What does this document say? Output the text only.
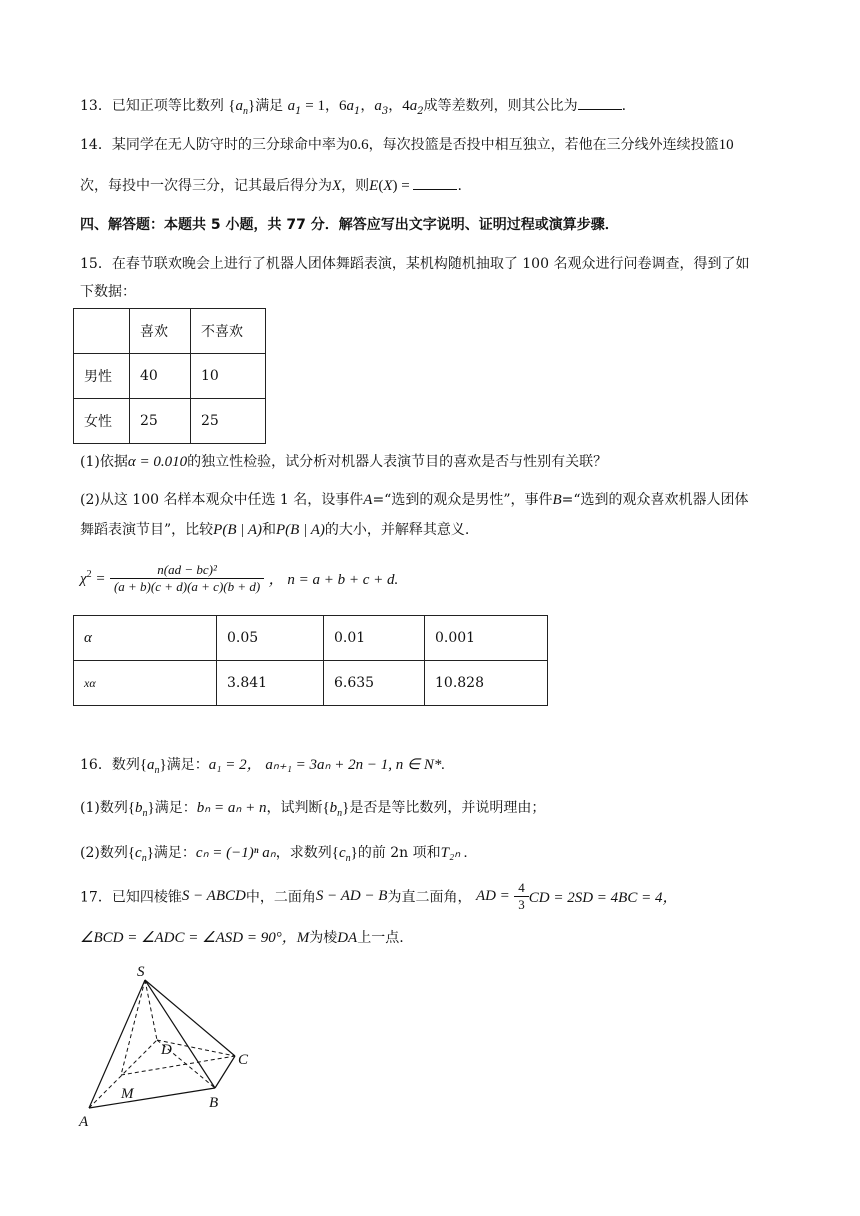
13．已知正项等比数列 $\{a_n\}$满足 $a_1 = 1$，$6a_1$，$a_3$，$4a_2$成等差数列，则其公比为	.
14．某同学在无人防守时的三分球命中率为0.6，每次投篮是否投中相互独立，若他在三分线外连续投篮10
次，每投中一次得三分，记其最后得分为X，则E(X) =	.
四、解答题：本题共 5 小题，共 77 分．解答应写出文字说明、证明过程或演算步骤．
15．在春节联欢晚会上进行了机器人团体舞蹈表演，某机构随机抽取了 100 名观众进行问卷调查，得到了如
下数据：
	喜欢	不喜欢
男性	40	10
女性	25	25
(1)依据α = 0.010的独立性检验，试分析对机器人表演节目的喜欢是否与性别有关联？
(2)从这 100 名样本观众中任选 1 名，设事件A=“选到的观众是男性”，事件B=“选到的观众喜欢机器人团体
舞蹈表演节目”，比较P(B | A)和P(B | A)的大小，并解释其意义.
$\chi^2 = \frac{\text{n(ad − bc)²}}{(a + b)(c + d)(a + c)(b + d)}$ ， n = a + b + c + d.
α	0.05	0.01	0.001
xα	3.841	6.635	10.828
16．数列$\{a_n\}$满足：a₁ = 2， aₙ₊₁ = 3aₙ + 2n − 1, n ∈ N*.
(1)数列$\{b_n\}$满足：bₙ = aₙ + n，试判断$\{b_n\}$是否是等比数列，并说明理由；
(2)数列$\{c_n\}$满足：cₙ = (−1)ⁿ aₙ，求数列$\{c_n\}$的前 2n 项和T₂ₙ .
17．已知四棱锥S − ABCD中，二面角S − AD − B为直二面角， AD = $\frac{4}{3}$ CD = 2SD = 4BC = 4，
∠BCD = ∠ADC = ∠ASD = 90°，M为棱DA上一点.
S
D
C
M
B
A
